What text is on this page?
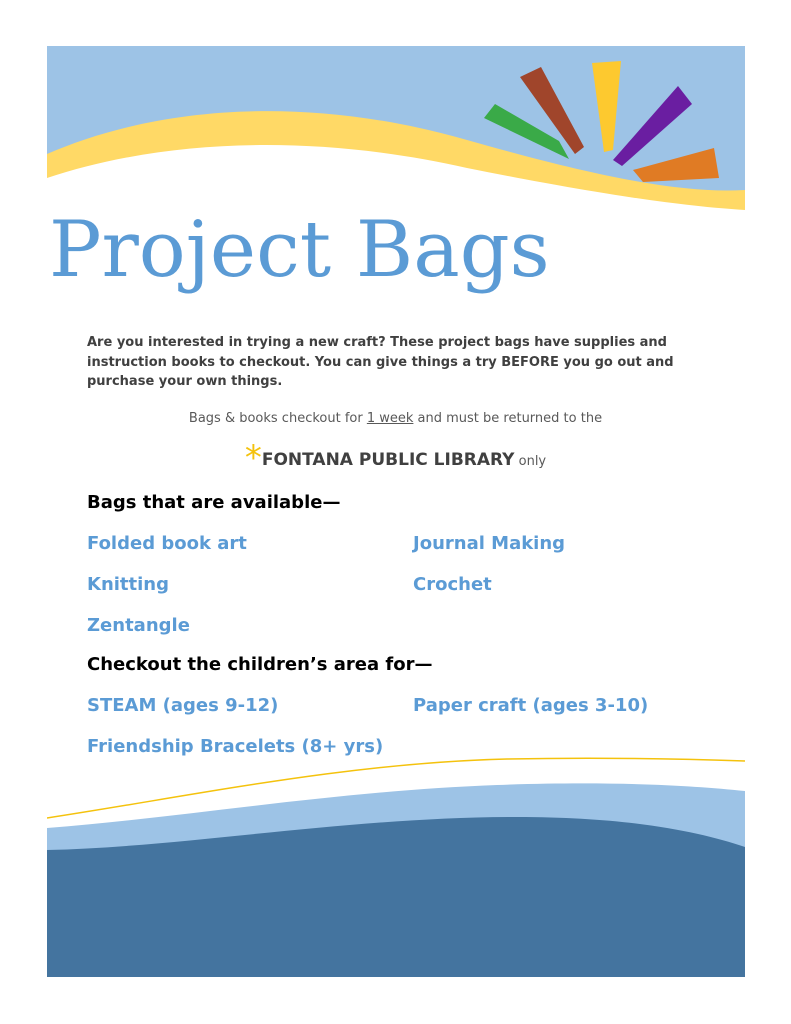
Project Bags

Are you interested in trying a new craft? These project bags have supplies and instruction books to checkout. You can give things a try BEFORE you go out and purchase your own things.

Bags & books checkout for 1 week and must be returned to the

*FONTANA PUBLIC LIBRARY only

Bags that are available—

Folded book art	Journal Making

Knitting	Crochet

Zentangle

Checkout the children’s area for—

STEAM (ages 9-12)	Paper craft (ages 3-10)

Friendship Bracelets (8+ yrs)
